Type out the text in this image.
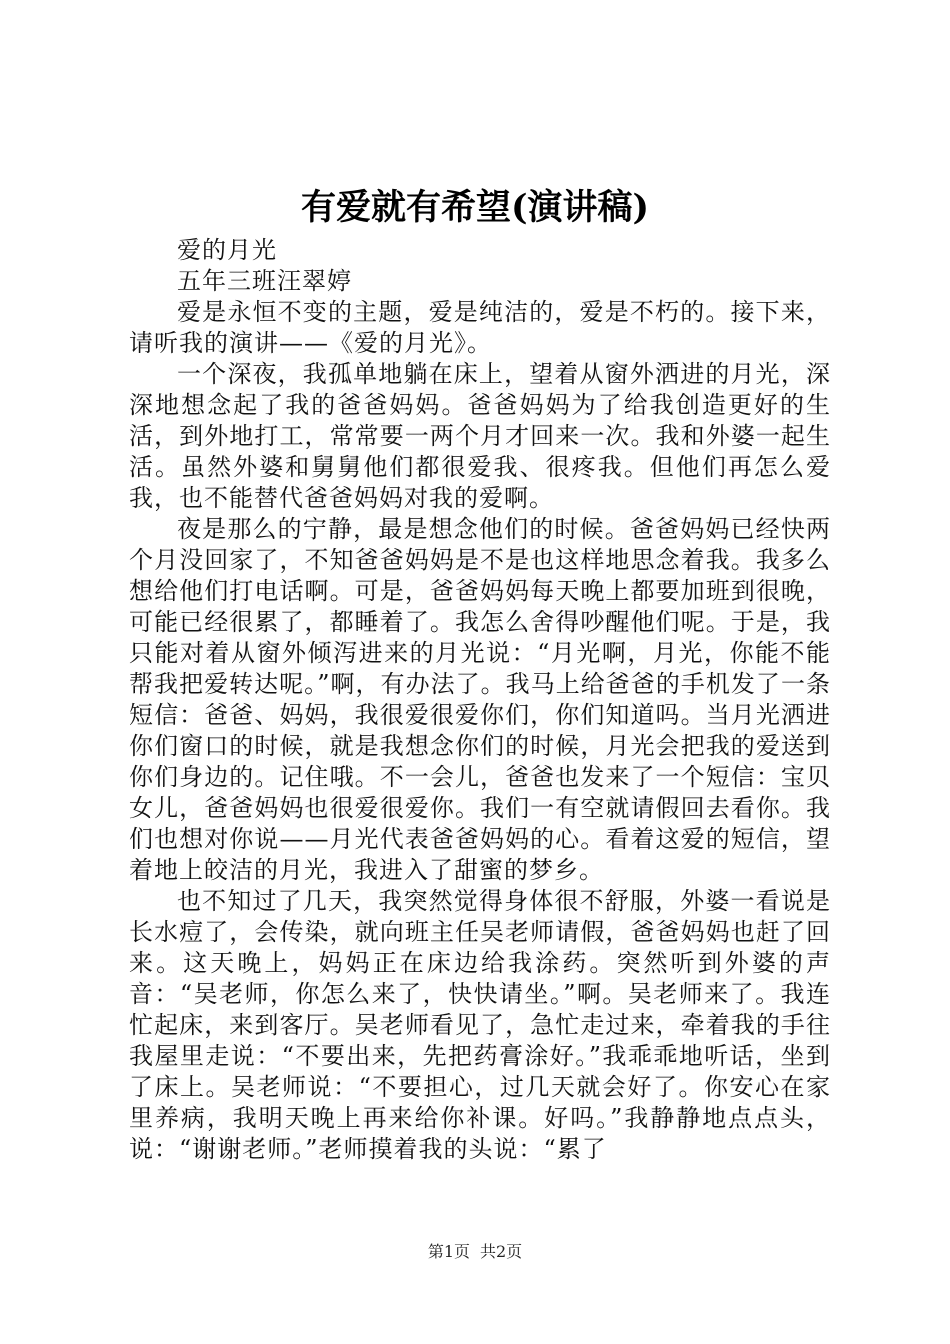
有爱就有希望(演讲稿)

爱的月光

五年三班汪翠婷

爱是永恒不变的主题，爱是纯洁的，爱是不朽的。接下来，请听我的演讲——《爱的月光》。

一个深夜，我孤单地躺在床上，望着从窗外洒进的月光，深深地想念起了我的爸爸妈妈。爸爸妈妈为了给我创造更好的生活，到外地打工，常常要一两个月才回来一次。我和外婆一起生活。虽然外婆和舅舅他们都很爱我、很疼我。但他们再怎么爱我，也不能替代爸爸妈妈对我的爱啊。

夜是那么的宁静，最是想念他们的时候。爸爸妈妈已经快两个月没回家了，不知爸爸妈妈是不是也这样地思念着我。我多么想给他们打电话啊。可是，爸爸妈妈每天晚上都要加班到很晚，可能已经很累了，都睡着了。我怎么舍得吵醒他们呢。于是，我只能对着从窗外倾泻进来的月光说：“月光啊，月光，你能不能帮我把爱转达呢。”啊，有办法了。我马上给爸爸的手机发了一条短信：爸爸、妈妈，我很爱很爱你们，你们知道吗。当月光洒进你们窗口的时候，就是我想念你们的时候，月光会把我的爱送到你们身边的。记住哦。不一会儿，爸爸也发来了一个短信：宝贝女儿，爸爸妈妈也很爱很爱你。我们一有空就请假回去看你。我们也想对你说——月光代表爸爸妈妈的心。看着这爱的短信，望着地上皎洁的月光，我进入了甜蜜的梦乡。

也不知过了几天，我突然觉得身体很不舒服，外婆一看说是长水痘了，会传染，就向班主任吴老师请假，爸爸妈妈也赶了回来。这天晚上，妈妈正在床边给我涂药。突然听到外婆的声音：“吴老师，你怎么来了，快快请坐。”啊。吴老师来了。我连忙起床，来到客厅。吴老师看见了，急忙走过来，牵着我的手往我屋里走说：“不要出来，先把药膏涂好。”我乖乖地听话，坐到了床上。吴老师说：“不要担心，过几天就会好了。你安心在家里养病，我明天晚上再来给你补课。好吗。”我静静地点点头，说：“谢谢老师。”老师摸着我的头说：“累了

第1页 共2页
